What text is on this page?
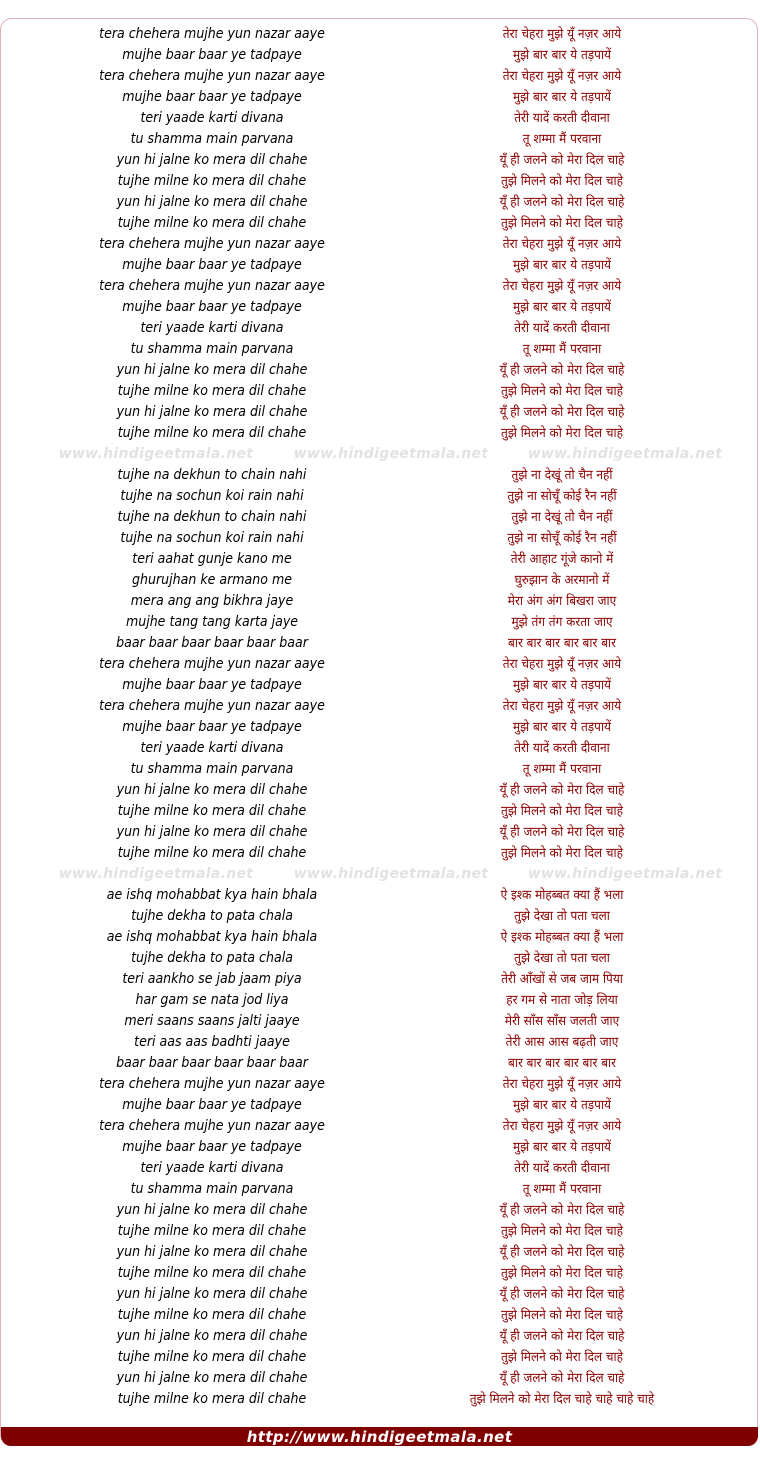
tera chehera mujhe yun nazar aaye	तेरा चेहरा मुझे यूँ नज़र आये
mujhe baar baar ye tadpaye	मुझे बार बार ये तड़पायें
tera chehera mujhe yun nazar aaye	तेरा चेहरा मुझे यूँ नज़र आये
mujhe baar baar ye tadpaye	मुझे बार बार ये तड़पायें
teri yaade karti divana	तेरी यादें करती दीवाना
tu shamma main parvana	तू शम्मा मैं परवाना
yun hi jalne ko mera dil chahe	यूँ ही जलने को मेरा दिल चाहे
tujhe milne ko mera dil chahe	तुझे मिलने को मेरा दिल चाहे
yun hi jalne ko mera dil chahe	यूँ ही जलने को मेरा दिल चाहे
tujhe milne ko mera dil chahe	तुझे मिलने को मेरा दिल चाहे
tera chehera mujhe yun nazar aaye	तेरा चेहरा मुझे यूँ नज़र आये
mujhe baar baar ye tadpaye	मुझे बार बार ये तड़पायें
tera chehera mujhe yun nazar aaye	तेरा चेहरा मुझे यूँ नज़र आये
mujhe baar baar ye tadpaye	मुझे बार बार ये तड़पायें
teri yaade karti divana	तेरी यादें करती दीवाना
tu shamma main parvana	तू शम्मा मैं परवाना
yun hi jalne ko mera dil chahe	यूँ ही जलने को मेरा दिल चाहे
tujhe milne ko mera dil chahe	तुझे मिलने को मेरा दिल चाहे
yun hi jalne ko mera dil chahe	यूँ ही जलने को मेरा दिल चाहे
tujhe milne ko mera dil chahe	तुझे मिलने को मेरा दिल चाहे
www.hindigeetmala.net	www.hindigeetmala.net	www.hindigeetmala.net
tujhe na dekhun to chain nahi	तुझे ना देखूं तो चैन नहीं
tujhe na sochun koi rain nahi	तुझे ना सोचूँ कोई रैन नहीं
tujhe na dekhun to chain nahi	तुझे ना देखूं तो चैन नहीं
tujhe na sochun koi rain nahi	तुझे ना सोचूँ कोई रैन नहीं
teri aahat gunje kano me	तेरी आहाट गूंजे कानो में
ghurujhan ke armano me	घुरुझान के अरमानो में
mera ang ang bikhra jaye	मेरा अंग अंग बिखरा जाए
mujhe tang tang karta jaye	मुझे तंग तंग करता जाए
baar baar baar baar baar baar	बार बार बार बार बार बार
tera chehera mujhe yun nazar aaye	तेरा चेहरा मुझे यूँ नज़र आये
mujhe baar baar ye tadpaye	मुझे बार बार ये तड़पायें
tera chehera mujhe yun nazar aaye	तेरा चेहरा मुझे यूँ नज़र आये
mujhe baar baar ye tadpaye	मुझे बार बार ये तड़पायें
teri yaade karti divana	तेरी यादें करती दीवाना
tu shamma main parvana	तू शम्मा मैं परवाना
yun hi jalne ko mera dil chahe	यूँ ही जलने को मेरा दिल चाहे
tujhe milne ko mera dil chahe	तुझे मिलने को मेरा दिल चाहे
yun hi jalne ko mera dil chahe	यूँ ही जलने को मेरा दिल चाहे
tujhe milne ko mera dil chahe	तुझे मिलने को मेरा दिल चाहे
www.hindigeetmala.net	www.hindigeetmala.net	www.hindigeetmala.net
ae ishq mohabbat kya hain bhala	ऐ इश्क मोहब्बत क्या हैं भला
tujhe dekha to pata chala	तुझे देखा तो पता चला
ae ishq mohabbat kya hain bhala	ऐ इश्क मोहब्बत क्या हैं भला
tujhe dekha to pata chala	तुझे देखा तो पता चला
teri aankho se jab jaam piya	तेरी आँखों से जब जाम पिया
har gam se nata jod liya	हर गम से नाता जोड़ लिया
meri saans saans jalti jaaye	मेरी साँस साँस जलती जाए
teri aas aas badhti jaaye	तेरी आस आस बढ़ती जाए
baar baar baar baar baar baar	बार बार बार बार बार बार
tera chehera mujhe yun nazar aaye	तेरा चेहरा मुझे यूँ नज़र आये
mujhe baar baar ye tadpaye	मुझे बार बार ये तड़पायें
tera chehera mujhe yun nazar aaye	तेरा चेहरा मुझे यूँ नज़र आये
mujhe baar baar ye tadpaye	मुझे बार बार ये तड़पायें
teri yaade karti divana	तेरी यादें करती दीवाना
tu shamma main parvana	तू शम्मा मैं परवाना
yun hi jalne ko mera dil chahe	यूँ ही जलने को मेरा दिल चाहे
tujhe milne ko mera dil chahe	तुझे मिलने को मेरा दिल चाहे
yun hi jalne ko mera dil chahe	यूँ ही जलने को मेरा दिल चाहे
tujhe milne ko mera dil chahe	तुझे मिलने को मेरा दिल चाहे
yun hi jalne ko mera dil chahe	यूँ ही जलने को मेरा दिल चाहे
tujhe milne ko mera dil chahe	तुझे मिलने को मेरा दिल चाहे
yun hi jalne ko mera dil chahe	यूँ ही जलने को मेरा दिल चाहे
tujhe milne ko mera dil chahe	तुझे मिलने को मेरा दिल चाहे
yun hi jalne ko mera dil chahe	यूँ ही जलने को मेरा दिल चाहे
tujhe milne ko mera dil chahe	तुझे मिलने को मेरा दिल चाहे चाहे चाहे चाहे
http://www.hindigeetmala.net
